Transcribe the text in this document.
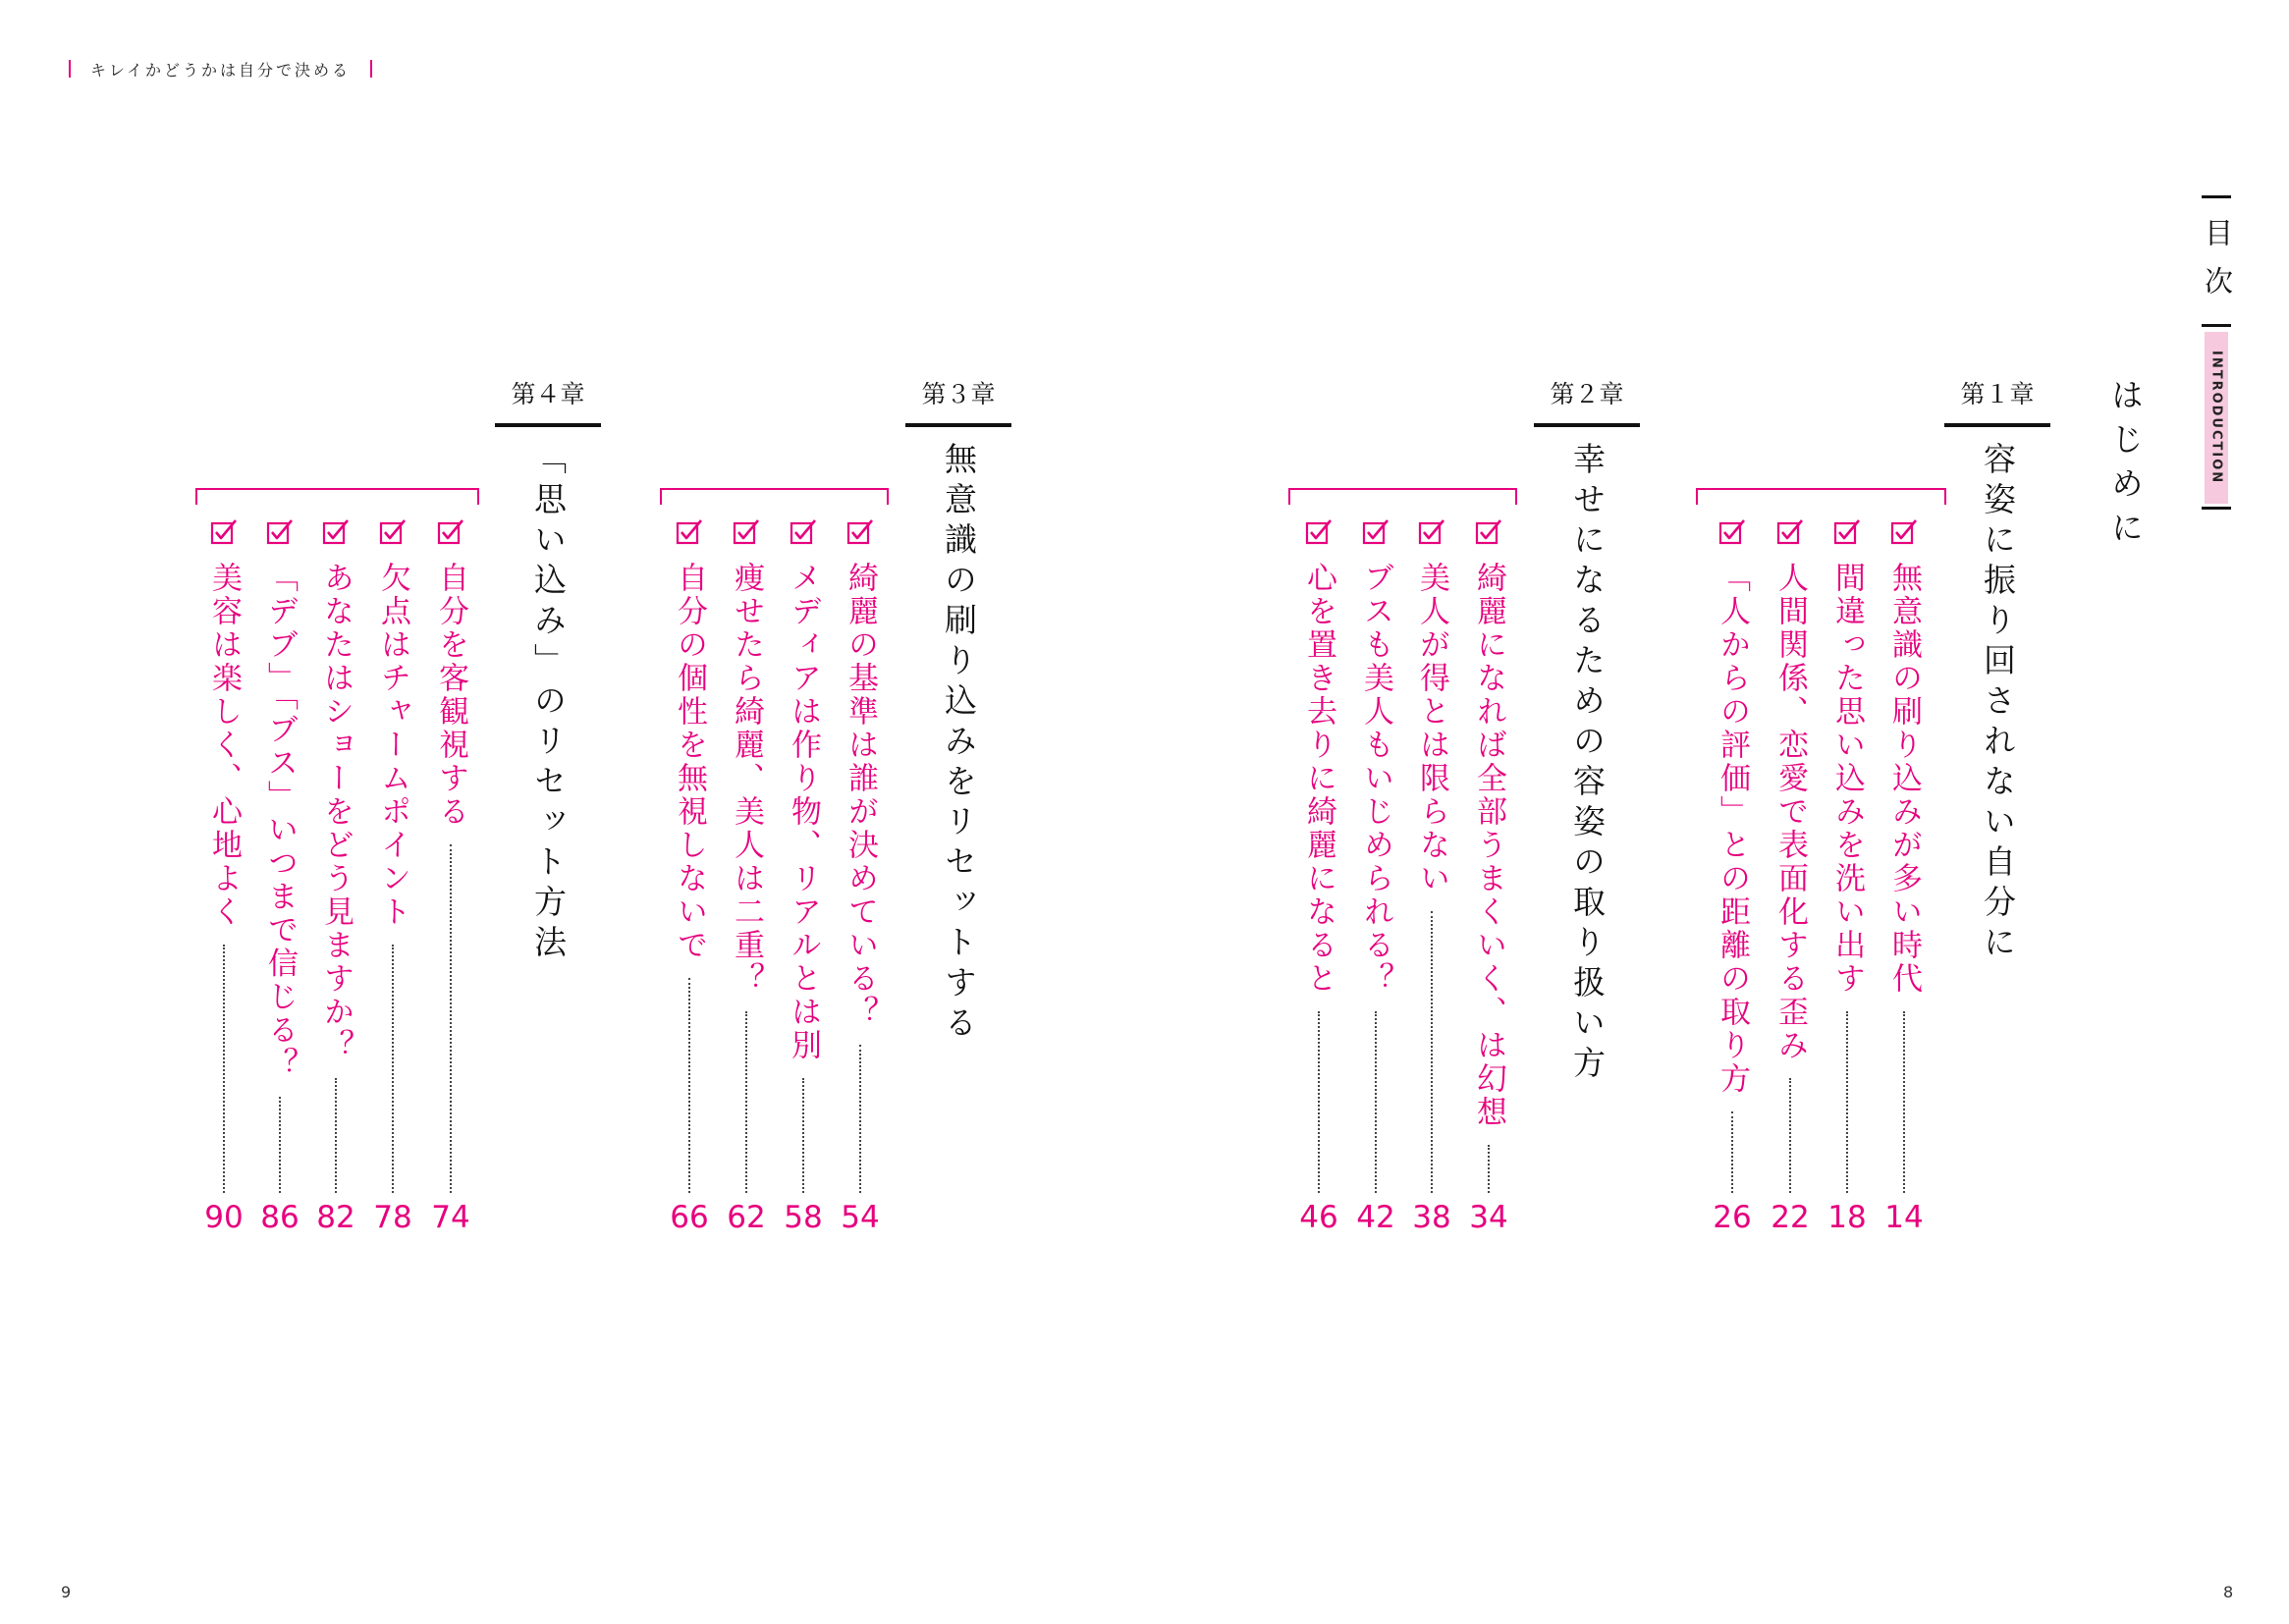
キレイかどうかは自分で決める
目次
INTRODUCTION
はじめに
第１章
容姿に振り回されない自分に
無意識の刷り込みが多い時代
14
間違った思い込みを洗い出す
18
人間関係、恋愛で表面化する歪み
22
「人からの評価」との距離の取り方
26
第２章
幸せになるための容姿の取り扱い方
綺麗になれば全部うまくいく、は幻想
34
美人が得とは限らない
38
ブスも美人もいじめられる？
42
心を置き去りに綺麗になると
46
第３章
無意識の刷り込みをリセットする
綺麗の基準は誰が決めている？
54
メディアは作り物、リアルとは別
58
痩せたら綺麗、美人は二重？
62
自分の個性を無視しないで
66
第４章
「思い込み」のリセット方法
自分を客観視する
74
欠点はチャームポイント
78
あなたはショーをどう見ますか？
82
「デブ」「ブス」いつまで信じる？
86
美容は楽しく、心地よく
90
9	8
